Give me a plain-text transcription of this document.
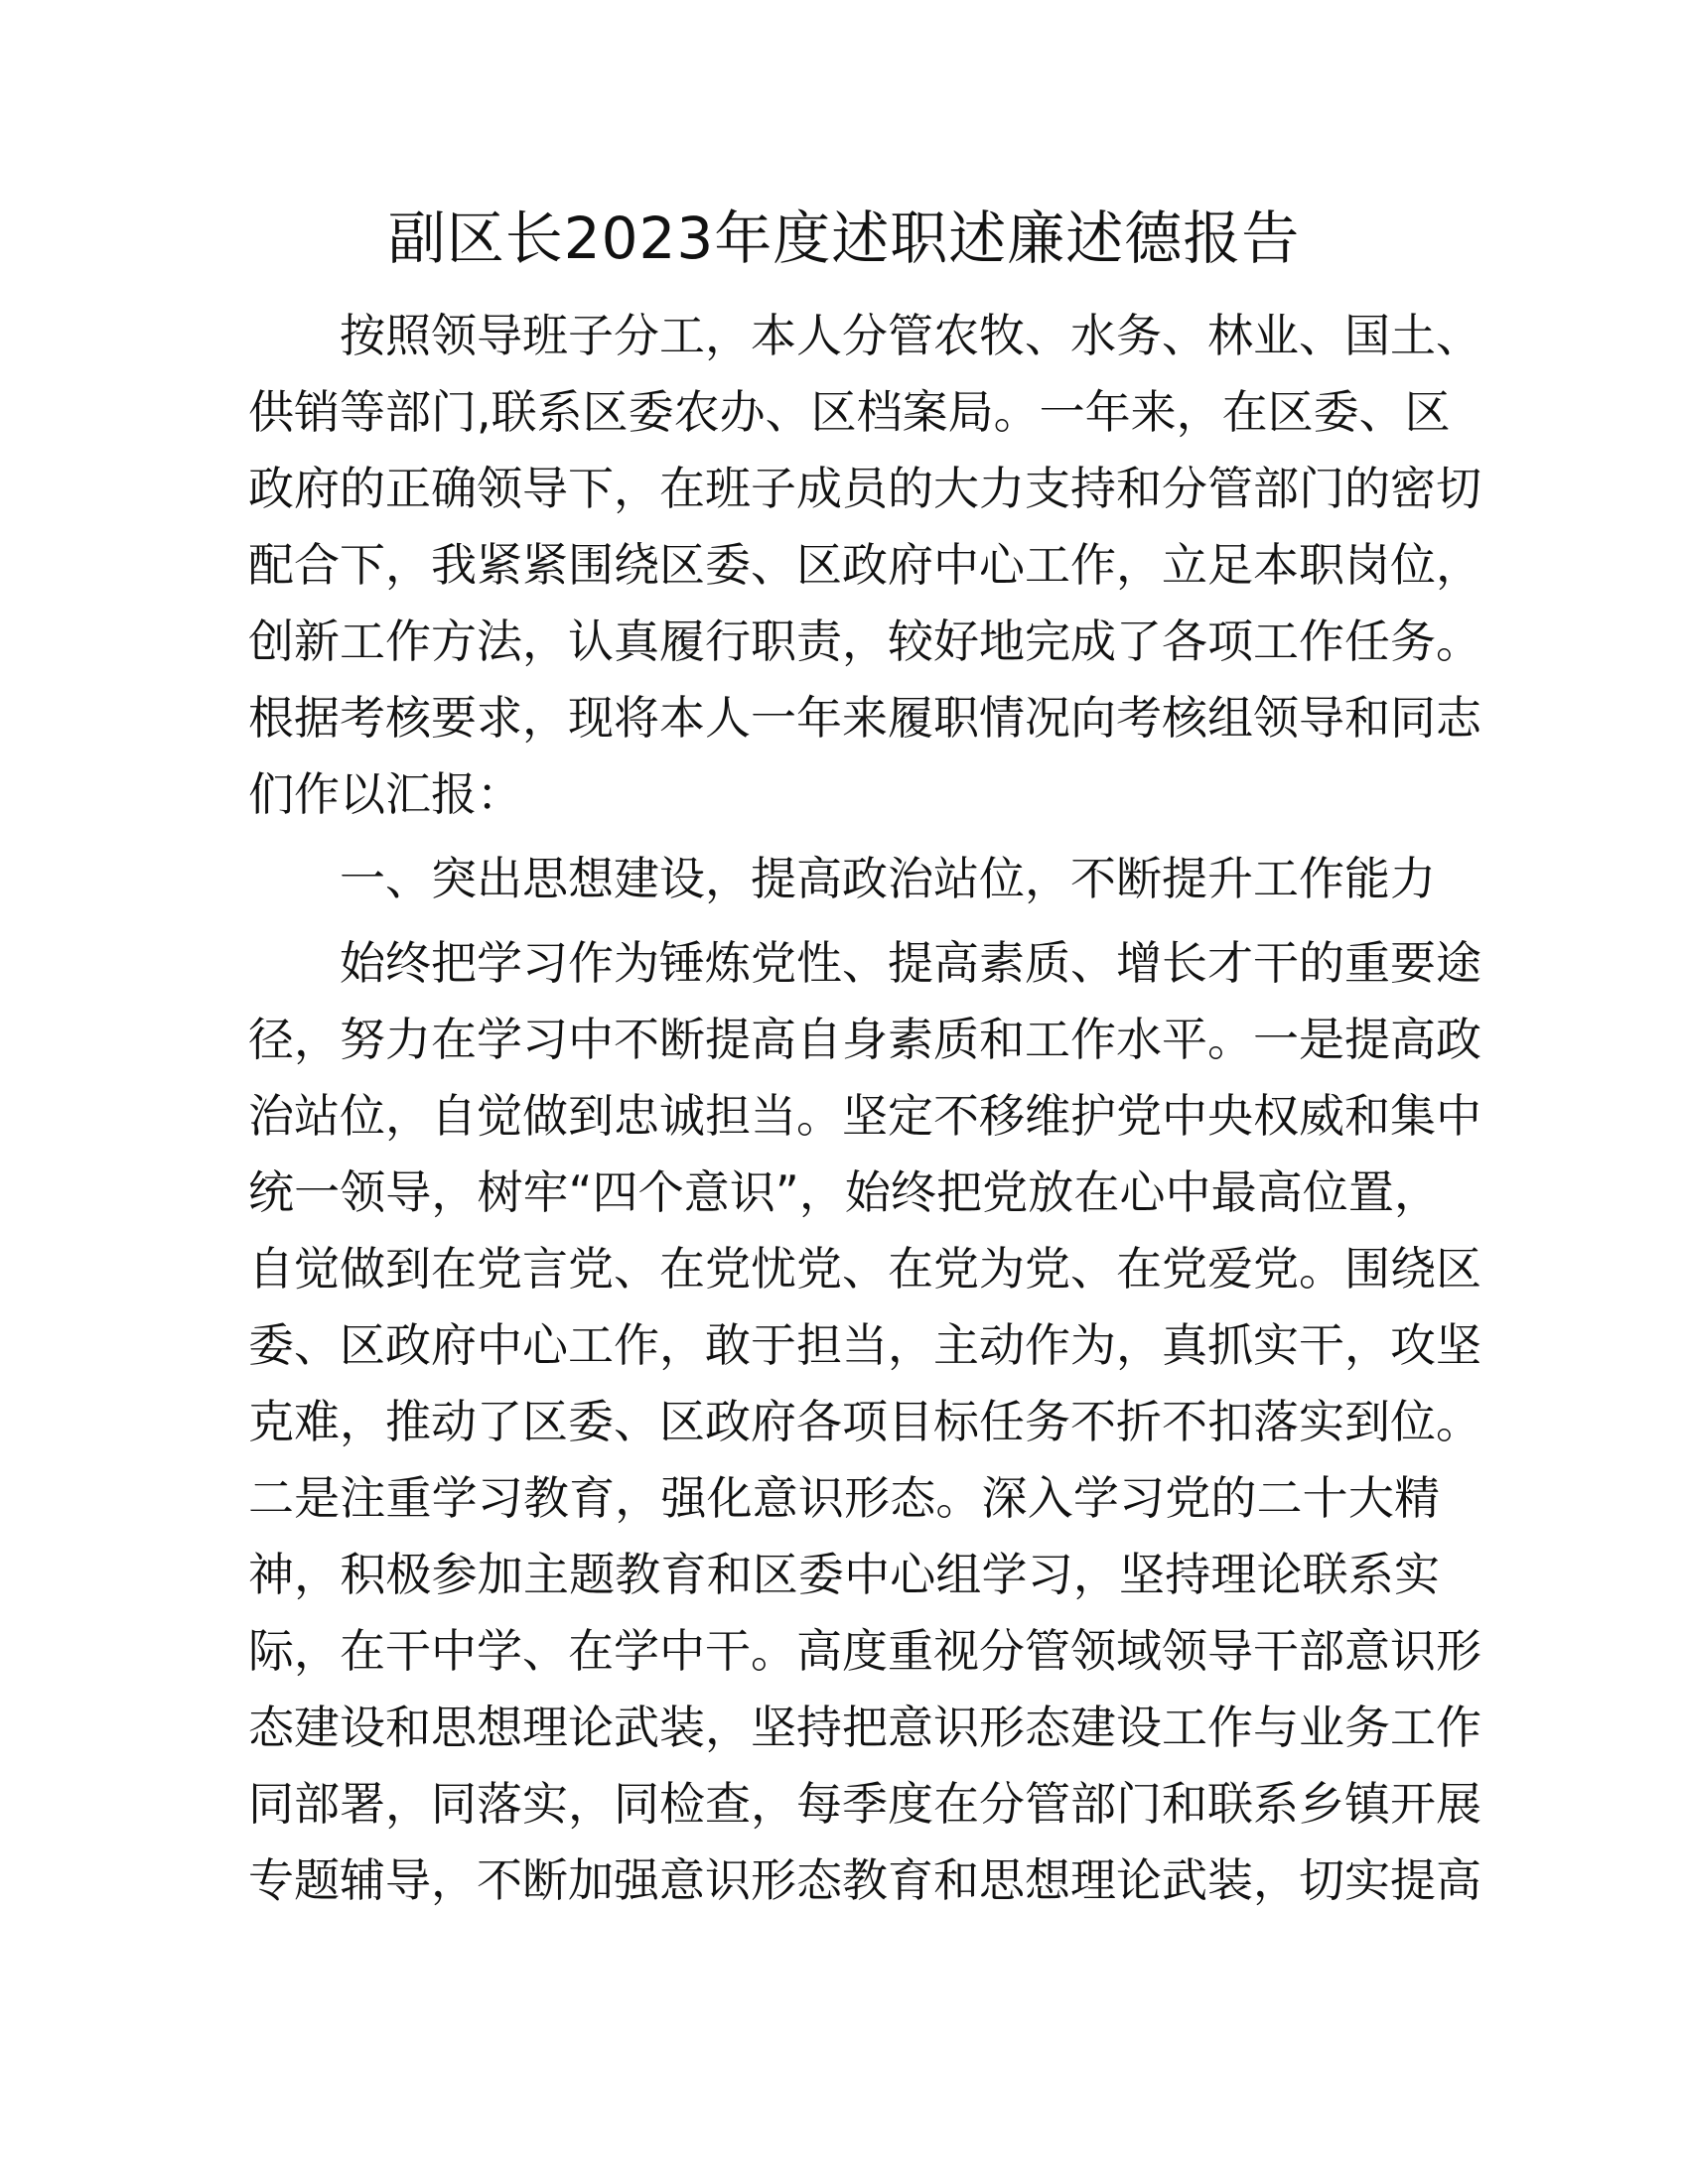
副区长2023年度述职述廉述德报告
按照领导班子分工，本人分管农牧、水务、林业、国土、
供销等部门,联系区委农办、区档案局。一年来，在区委、区
政府的正确领导下，在班子成员的大力支持和分管部门的密切
配合下，我紧紧围绕区委、区政府中心工作，立足本职岗位，
创新工作方法，认真履行职责，较好地完成了各项工作任务。
根据考核要求，现将本人一年来履职情况向考核组领导和同志
们作以汇报：
一、突出思想建设，提高政治站位，不断提升工作能力
始终把学习作为锤炼党性、提高素质、增长才干的重要途
径，努力在学习中不断提高自身素质和工作水平。一是提高政
治站位，自觉做到忠诚担当。坚定不移维护党中央权威和集中
统一领导，树牢“四个意识”，始终把党放在心中最高位置，
自觉做到在党言党、在党忧党、在党为党、在党爱党。围绕区
委、区政府中心工作，敢于担当，主动作为，真抓实干，攻坚
克难，推动了区委、区政府各项目标任务不折不扣落实到位。
二是注重学习教育，强化意识形态。深入学习党的二十大精
神，积极参加主题教育和区委中心组学习，坚持理论联系实
际，在干中学、在学中干。高度重视分管领域领导干部意识形
态建设和思想理论武装，坚持把意识形态建设工作与业务工作
同部署，同落实，同检查，每季度在分管部门和联系乡镇开展
专题辅导，不断加强意识形态教育和思想理论武装，切实提高
